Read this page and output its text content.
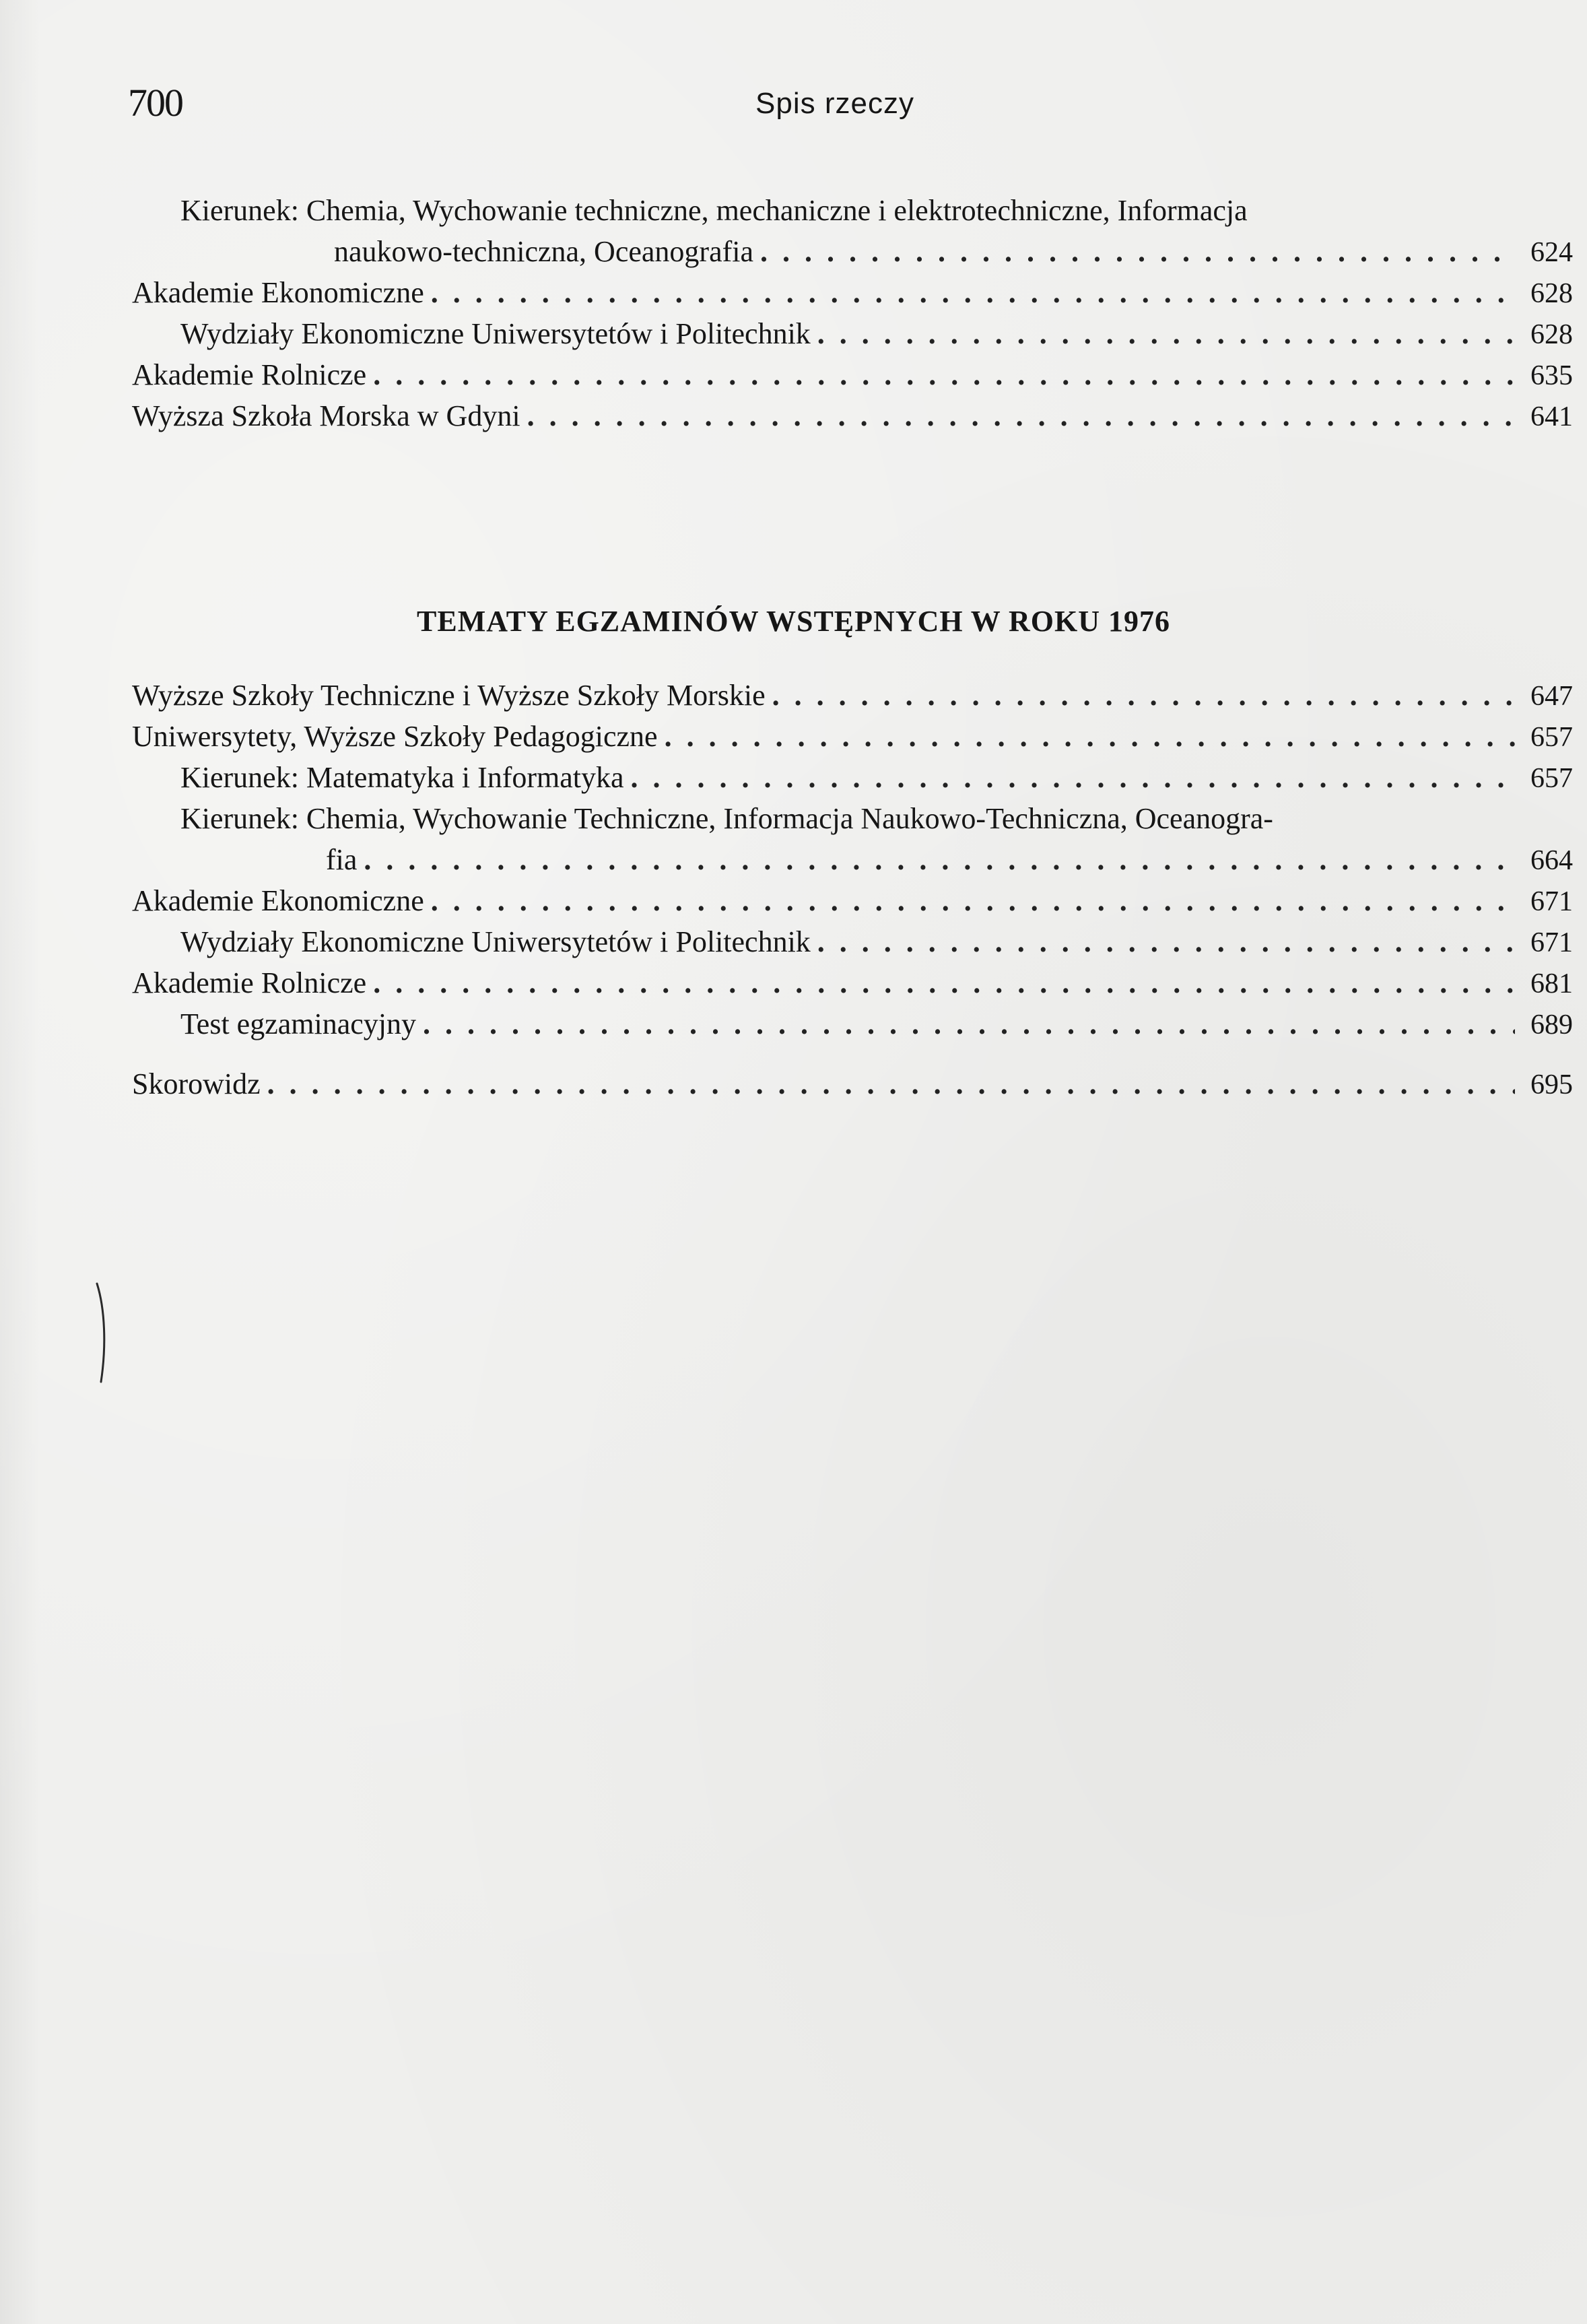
700	Spis rzeczy
Kierunek: Chemia, Wychowanie techniczne, mechaniczne i elektrotechniczne, Informacja
naukowo-techniczna, Oceanografia .....	624
Akademie Ekonomiczne .....	628
Wydziały Ekonomiczne Uniwersytetów i Politechnik .....	628
Akademie Rolnicze .....	635
Wyższa Szkoła Morska w Gdyni .....	641
TEMATY EGZAMINÓW WSTĘPNYCH W ROKU 1976
Wyższe Szkoły Techniczne i Wyższe Szkoły Morskie .....	647
Uniwersytety, Wyższe Szkoły Pedagogiczne .....	657
Kierunek: Matematyka i Informatyka .....	657
Kierunek: Chemia, Wychowanie Techniczne, Informacja Naukowo-Techniczna, Oceanogra-
fia .....	664
Akademie Ekonomiczne .....	671
Wydziały Ekonomiczne Uniwersytetów i Politechnik .....	671
Akademie Rolnicze .....	681
Test egzaminacyjny .....	689
Skorowidz .....	695
